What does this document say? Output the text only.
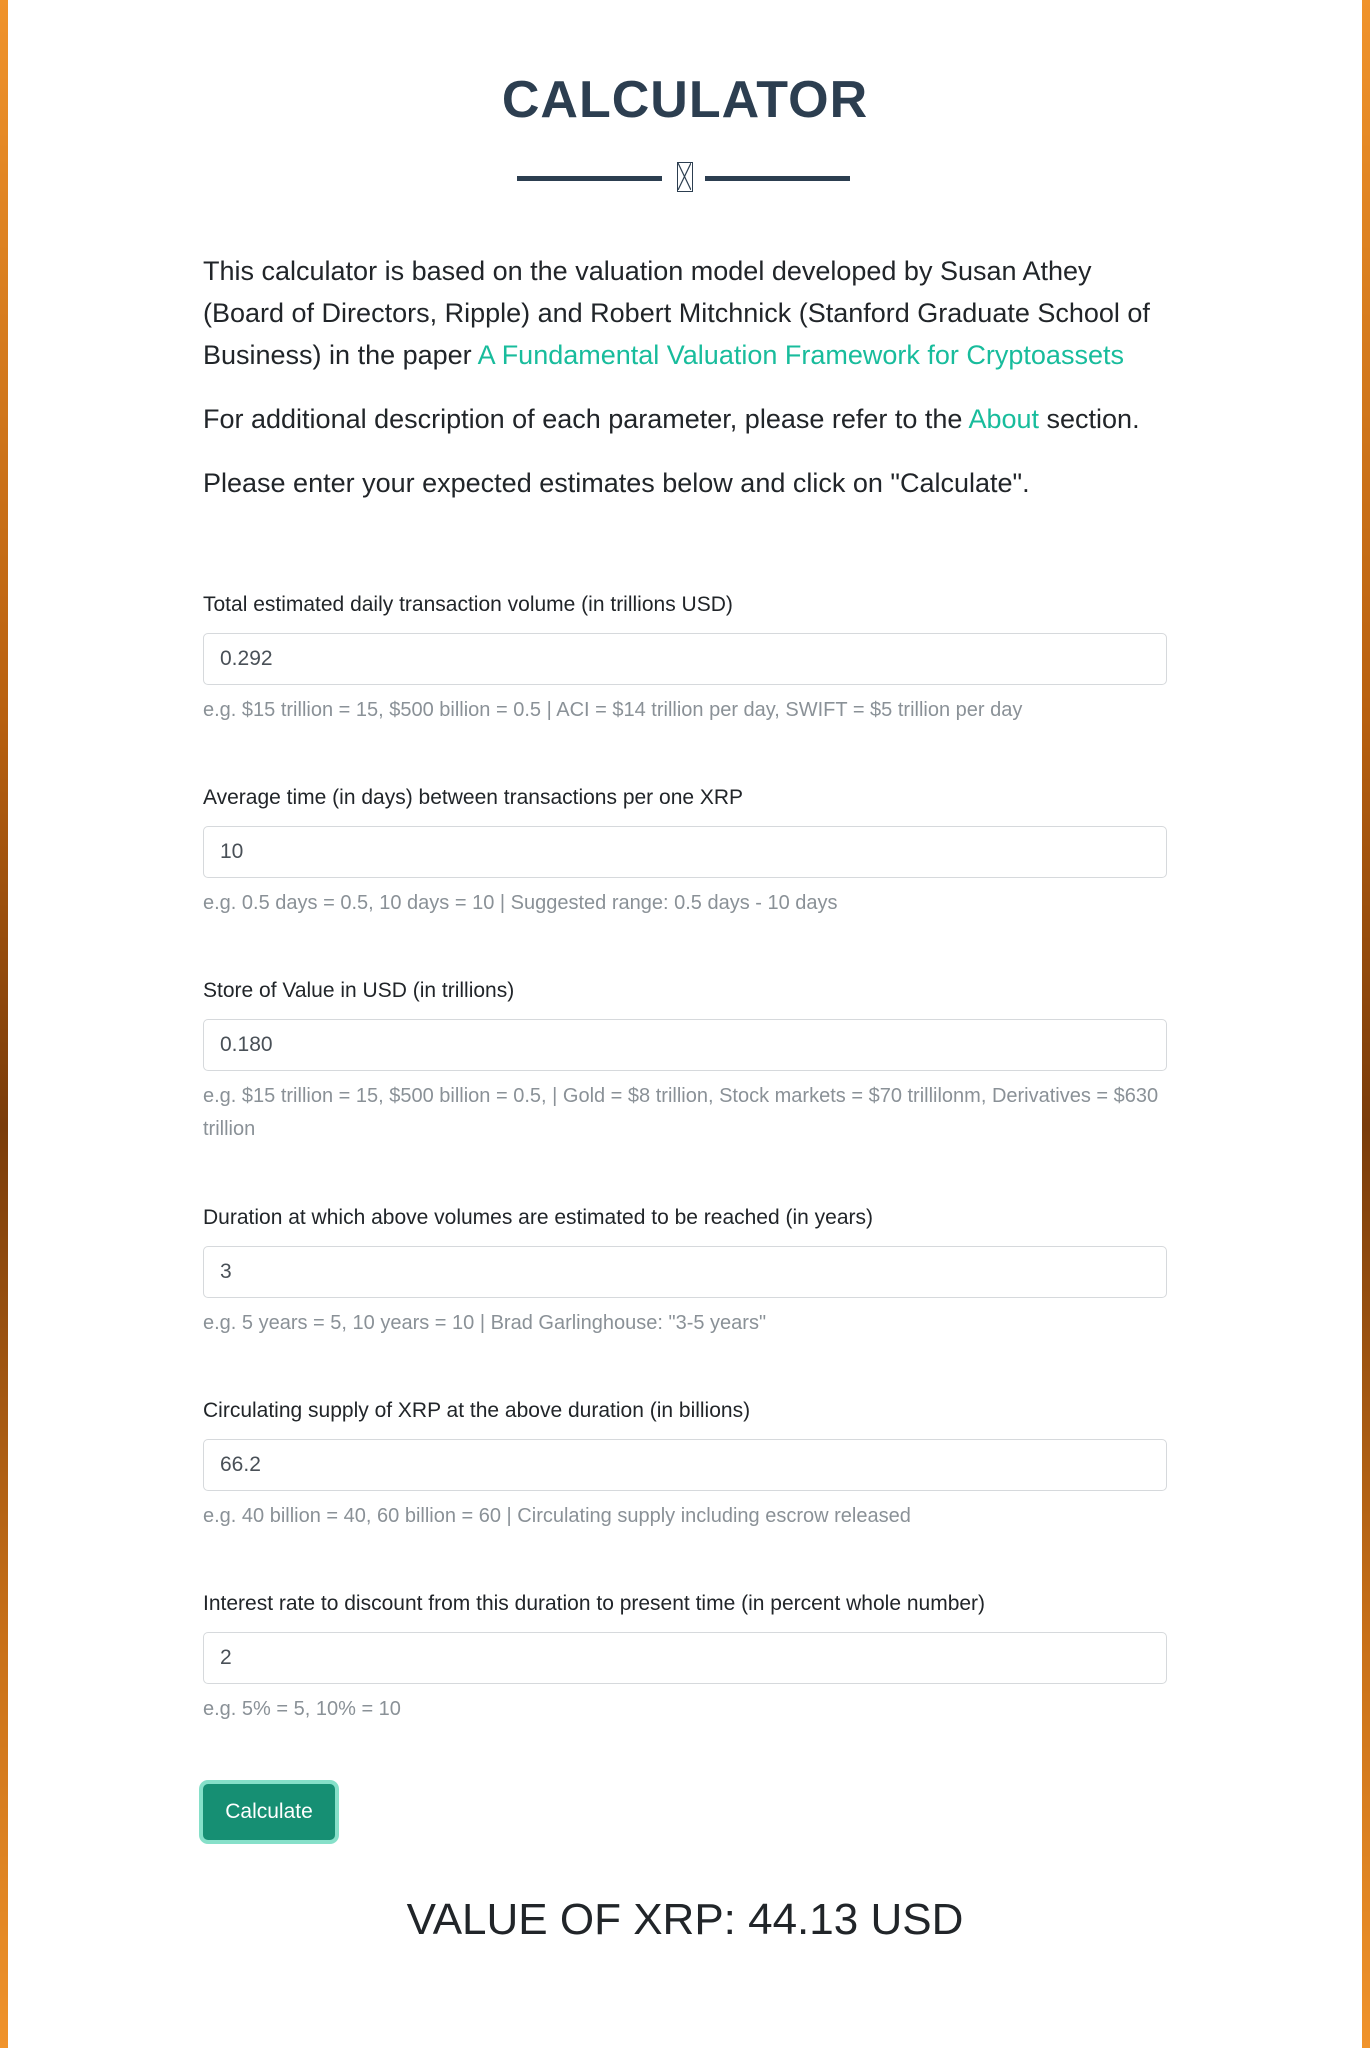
CALCULATOR

This calculator is based on the valuation model developed by Susan Athey (Board of Directors, Ripple) and Robert Mitchnick (Stanford Graduate School of Business) in the paper A Fundamental Valuation Framework for Cryptoassets

For additional description of each parameter, please refer to the About section.

Please enter your expected estimates below and click on "Calculate".

Total estimated daily transaction volume (in trillions USD)
0.292
e.g. $15 trillion = 15, $500 billion = 0.5 | ACI = $14 trillion per day, SWIFT = $5 trillion per day
Average time (in days) between transactions per one XRP
10
e.g. 0.5 days = 0.5, 10 days = 10 | Suggested range: 0.5 days - 10 days
Store of Value in USD (in trillions)
0.180
e.g. $15 trillion = 15, $500 billion = 0.5, | Gold = $8 trillion, Stock markets = $70 trillilonm, Derivatives = $630 trillion
Duration at which above volumes are estimated to be reached (in years)
3
e.g. 5 years = 5, 10 years = 10 | Brad Garlinghouse: "3-5 years"
Circulating supply of XRP at the above duration (in billions)
66.2
e.g. 40 billion = 40, 60 billion = 60 | Circulating supply including escrow released
Interest rate to discount from this duration to present time (in percent whole number)
2
e.g. 5% = 5, 10% = 10
Calculate
VALUE OF XRP: 44.13 USD
